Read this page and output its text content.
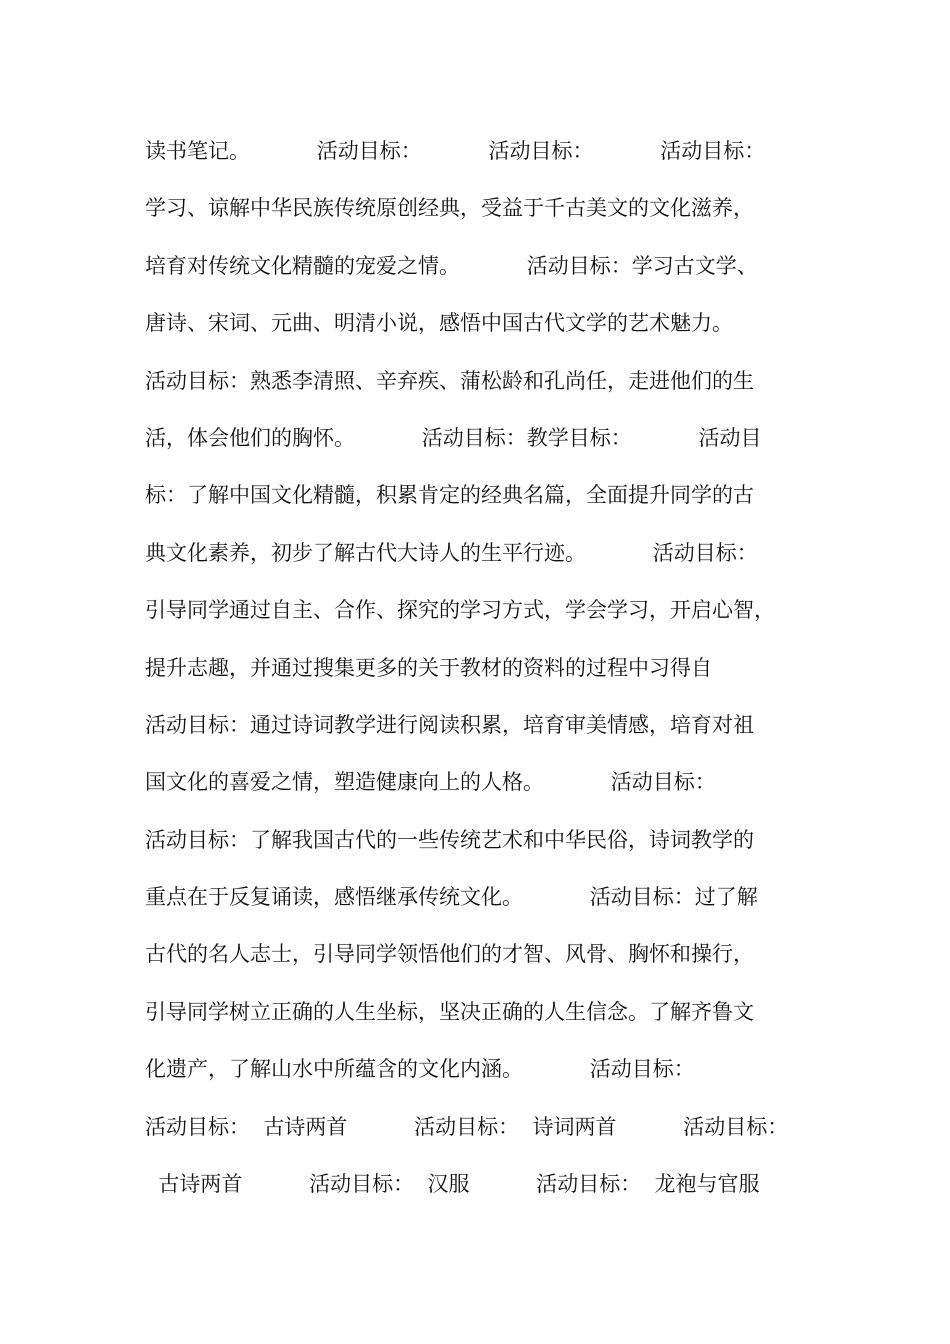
读书笔记。          活动目标：          活动目标：          活动目标：
学习、谅解中华民族传统原创经典，受益于千古美文的文化滋养，
培育对传统文化精髓的宠爱之情。          活动目标：学习古文学、
唐诗、宋词、元曲、明清小说，感悟中国古代文学的艺术魅力。
活动目标：熟悉李清照、辛弃疾、蒲松龄和孔尚任，走进他们的生
活，体会他们的胸怀。          活动目标：教学目标：          活动目
标：了解中国文化精髓，积累肯定的经典名篇，全面提升同学的古
典文化素养，初步了解古代大诗人的生平行迹。          活动目标：
引导同学通过自主、合作、探究的学习方式，学会学习，开启心智，
提升志趣，并通过搜集更多的关于教材的资料的过程中习得自
活动目标：通过诗词教学进行阅读积累，培育审美情感，培育对祖
国文化的喜爱之情，塑造健康向上的人格。          活动目标：
活动目标：了解我国古代的一些传统艺术和中华民俗，诗词教学的
重点在于反复诵读，感悟继承传统文化。          活动目标：过了解
古代的名人志士，引导同学领悟他们的才智、风骨、胸怀和操行，
引导同学树立正确的人生坐标，坚决正确的人生信念。了解齐鲁文
化遗产，了解山水中所蕴含的文化内涵。          活动目标：
活动目标：  古诗两首          活动目标：  诗词两首          活动目标：
古诗两首          活动目标：  汉服          活动目标：  龙袍与官服
